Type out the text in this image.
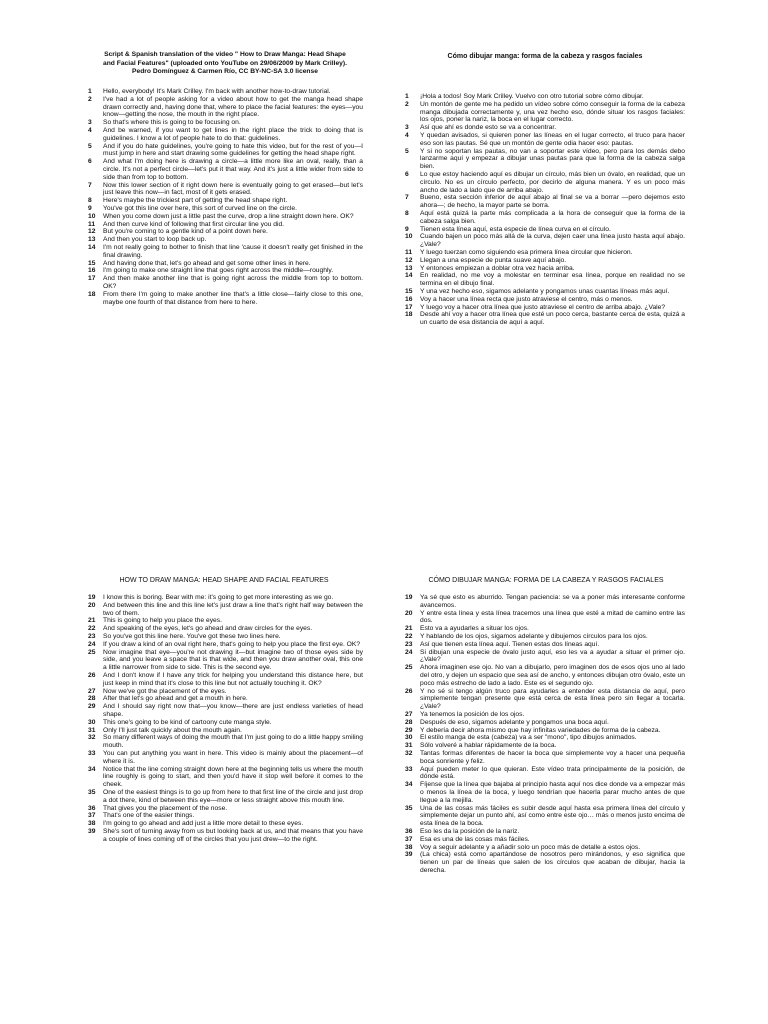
Script & Spanish translation of the video " How to Draw Manga: Head Shape
and Facial Features" (uploaded onto YouTube on 29/06/2009 by Mark Crilley).
Pedro Domínguez & Carmen Río, CC BY-NC-SA 3.0 license
Cómo dibujar manga: forma de la cabeza y rasgos faciales
1	Hello, everybody! It's Mark Crilley. I'm back with another how-to-draw tutorial.
2	I've had a lot of people asking for a video about how to get the manga head shape drawn correctly and, having done that, where to place the facial features: the eyes—you know—getting the nose, the mouth in the right place.
3	So that's where this is going to be focusing on.
4	And be warned, if you want to get lines in the right place the trick to doing that is guidelines. I know a lot of people hate to do that: guidelines.
5	And if you do hate guidelines, you're going to hate this video, but for the rest of you—I must jump in here and start drawing some guidelines for getting the head shape right.
6	And what I'm doing here is drawing a circle—a little more like an oval, really, than a circle. It's not a perfect circle—let's put it that way. And it's just a little wider from side to side than from top to bottom.
7	Now this lower section of it right down here is eventually going to get erased—but let's just leave this now—in fact, most of it gets erased.
8	Here's maybe the trickiest part of getting the head shape right.
9	You've got this line over here, this sort of curved line on the circle.
10	When you come down just a little past the curve, drop a line straight down here. OK?
11	And then curve kind of following that first circular line you did.
12	But you're coming to a gentle kind of a point down here.
13	And then you start to loop back up.
14	I'm not really going to bother to finish that line 'cause it doesn't really get finished in the final drawing.
15	And having done that, let's go ahead and get some other lines in here.
16	I'm going to make one straight line that goes right across the middle—roughly.
17	And then make another line that is going right across the middle from top to bottom. OK?
18	From there I'm going to make another line that's a little close—fairly close to this one, maybe one fourth of that distance from here to here.
1	¡Hola a todos! Soy Mark Crilley. Vuelvo con otro tutorial sobre cómo dibujar.
2	Un montón de gente me ha pedido un vídeo sobre cómo conseguir la forma de la cabeza manga dibujada correctamente y, una vez hecho eso, dónde situar los rasgos faciales: los ojos, poner la nariz, la boca en el lugar correcto.
3	Así que ahí es donde esto se va a concentrar.
4	Y quedan avisados, si quieren poner las líneas en el lugar correcto, el truco para hacer eso son las pautas. Sé que un montón de gente odia hacer eso: pautas.
5	Y si no soportan las pautas, no van a soportar este vídeo, pero para los demás debo lanzarme aquí y empezar a dibujar unas pautas para que la forma de la cabeza salga bien.
6	Lo que estoy haciendo aquí es dibujar un círculo, más bien un óvalo, en realidad, que un círculo. No es un círculo perfecto, por decirlo de alguna manera. Y es un poco más ancho de lado a lado que de arriba abajo.
7	Bueno, esta sección inferior de aquí abajo al final se va a borrar —pero dejemos esto ahora—; de hecho, la mayor parte se borra.
8	Aquí está quizá la parte más complicada a la hora de conseguir que la forma de la cabeza salga bien.
9	Tienen esta línea aquí, esta especie de línea curva en el círculo.
10	Cuando bajen un poco más allá de la curva, dejen caer una línea justo hasta aquí abajo. ¿Vale?
11	Y luego tuerzan como siguiendo esa primera línea circular que hicieron.
12	Llegan a una especie de punta suave aquí abajo.
13	Y entonces empiezan a doblar otra vez hacia arriba.
14	En realidad, no me voy a molestar en terminar esa línea, porque en realidad no se termina en el dibujo final.
15	Y una vez hecho eso, sigamos adelante y pongamos unas cuantas líneas más aquí.
16	Voy a hacer una línea recta que justo atraviese el centro, más o menos.
17	Y luego voy a hacer otra línea que justo atraviese el centro de arriba abajo. ¿Vale?
18	Desde ahí voy a hacer otra línea que esté un poco cerca, bastante cerca de esta, quizá a un cuarto de esa distancia de aquí a aquí.
HOW TO DRAW MANGA: HEAD SHAPE AND FACIAL FEATURES	CÓMO DIBUJAR MANGA: FORMA DE LA CABEZA Y RASGOS FACIALES
19	I know this is boring. Bear with me: it's going to get more interesting as we go.
20	And between this line and this line let's just draw a line that's right half way between the two of them.
21	This is going to help you place the eyes.
22	And speaking of the eyes, let's go ahead and draw circles for the eyes.
23	So you've got this line here. You've got these two lines here.
24	If you draw a kind of an oval right here, that's going to help you place the first eye. OK?
25	Now imagine that eye—you're not drawing it—but imagine two of those eyes side by side, and you leave a space that is that wide, and then you draw another oval, this one a little narrower from side to side. This is the second eye.
26	And I don't know if I have any trick for helping you understand this distance here, but just keep in mind that it's close to this line but not actually touching it. OK?
27	Now we've got the placement of the eyes.
28	After that let's go ahead and get a mouth in here.
29	And I should say right now that—you know—there are just endless varieties of head shape.
30	This one's going to be kind of cartoony cute manga style.
31	Only I'll just talk quickly about the mouth again.
32	So many different ways of doing the mouth that I'm just going to do a little happy smiling mouth.
33	You can put anything you want in here. This video is mainly about the placement—of where it is.
34	Notice that the line coming straight down here at the beginning tells us where the mouth line roughly is going to start, and then you'd have it stop well before it comes to the cheek.
35	One of the easiest things is to go up from here to that first line of the circle and just drop a dot there, kind of between this eye—more or less straight above this mouth line.
36	That gives you the placement of the nose.
37	That's one of the easier things.
38	I'm going to go ahead and add just a little more detail to these eyes.
39	She's sort of turning away from us but looking back at us, and that means that you have a couple of lines coming off of the circles that you just drew—to the right.
19	Ya sé que esto es aburrido. Tengan paciencia: se va a poner más interesante conforme avancemos.
20	Y entre esta línea y esta línea tracemos una línea que esté a mitad de camino entre las dos.
21	Esto va a ayudarles a situar los ojos.
22	Y hablando de los ojos, sigamos adelante y dibujemos círculos para los ojos.
23	Así que tienen esta línea aquí. Tienen estas dos líneas aquí.
24	Si dibujan una especie de óvalo justo aquí, eso les va a ayudar a situar el primer ojo. ¿Vale?
25	Ahora imaginen ese ojo. No van a dibujarlo, pero imaginen dos de esos ojos uno al lado del otro, y dejen un espacio que sea así de ancho, y entonces dibujan otro óvalo, este un poco más estrecho de lado a lado. Este es el segundo ojo.
26	Y no sé si tengo algún truco para ayudarles a entender esta distancia de aquí, pero simplemente tengan presente que está cerca de esta línea pero sin llegar a tocarla. ¿Vale?
27	Ya tenemos la posición de los ojos.
28	Después de eso, sigamos adelante y pongamos una boca aquí.
29	Y debería decir ahora mismo que hay infinitas variedades de forma de la cabeza.
30	El estilo manga de esta (cabeza) va a ser "mono", tipo dibujos animados.
31	Sólo volveré a hablar rápidamente de la boca.
32	Tantas formas diferentes de hacer la boca que simplemente voy a hacer una pequeña boca sonriente y feliz.
33	Aquí pueden meter lo que quieran. Este vídeo trata principalmente de la posición, de dónde está.
34	Fíjense que la línea que bajaba al principio hasta aquí nos dice donde va a empezar más o menos la línea de la boca, y luego tendrían que hacerla parar mucho antes de que llegue a la mejilla.
35	Una de las cosas más fáciles es subir desde aquí hasta esa primera línea del círculo y simplemente dejar un punto ahí, así como entre este ojo… más o menos justo encima de esta línea de la boca.
36	Eso les da la posición de la nariz.
37	Esa es una de las cosas más fáciles.
38	Voy a seguir adelante y a añadir solo un poco más de detalle a estos ojos.
39	(La chica) está como apartándose de nosotros pero mirándonos, y eso significa que tienen un par de líneas que salen de los círculos que acaban de dibujar, hacia la derecha.
